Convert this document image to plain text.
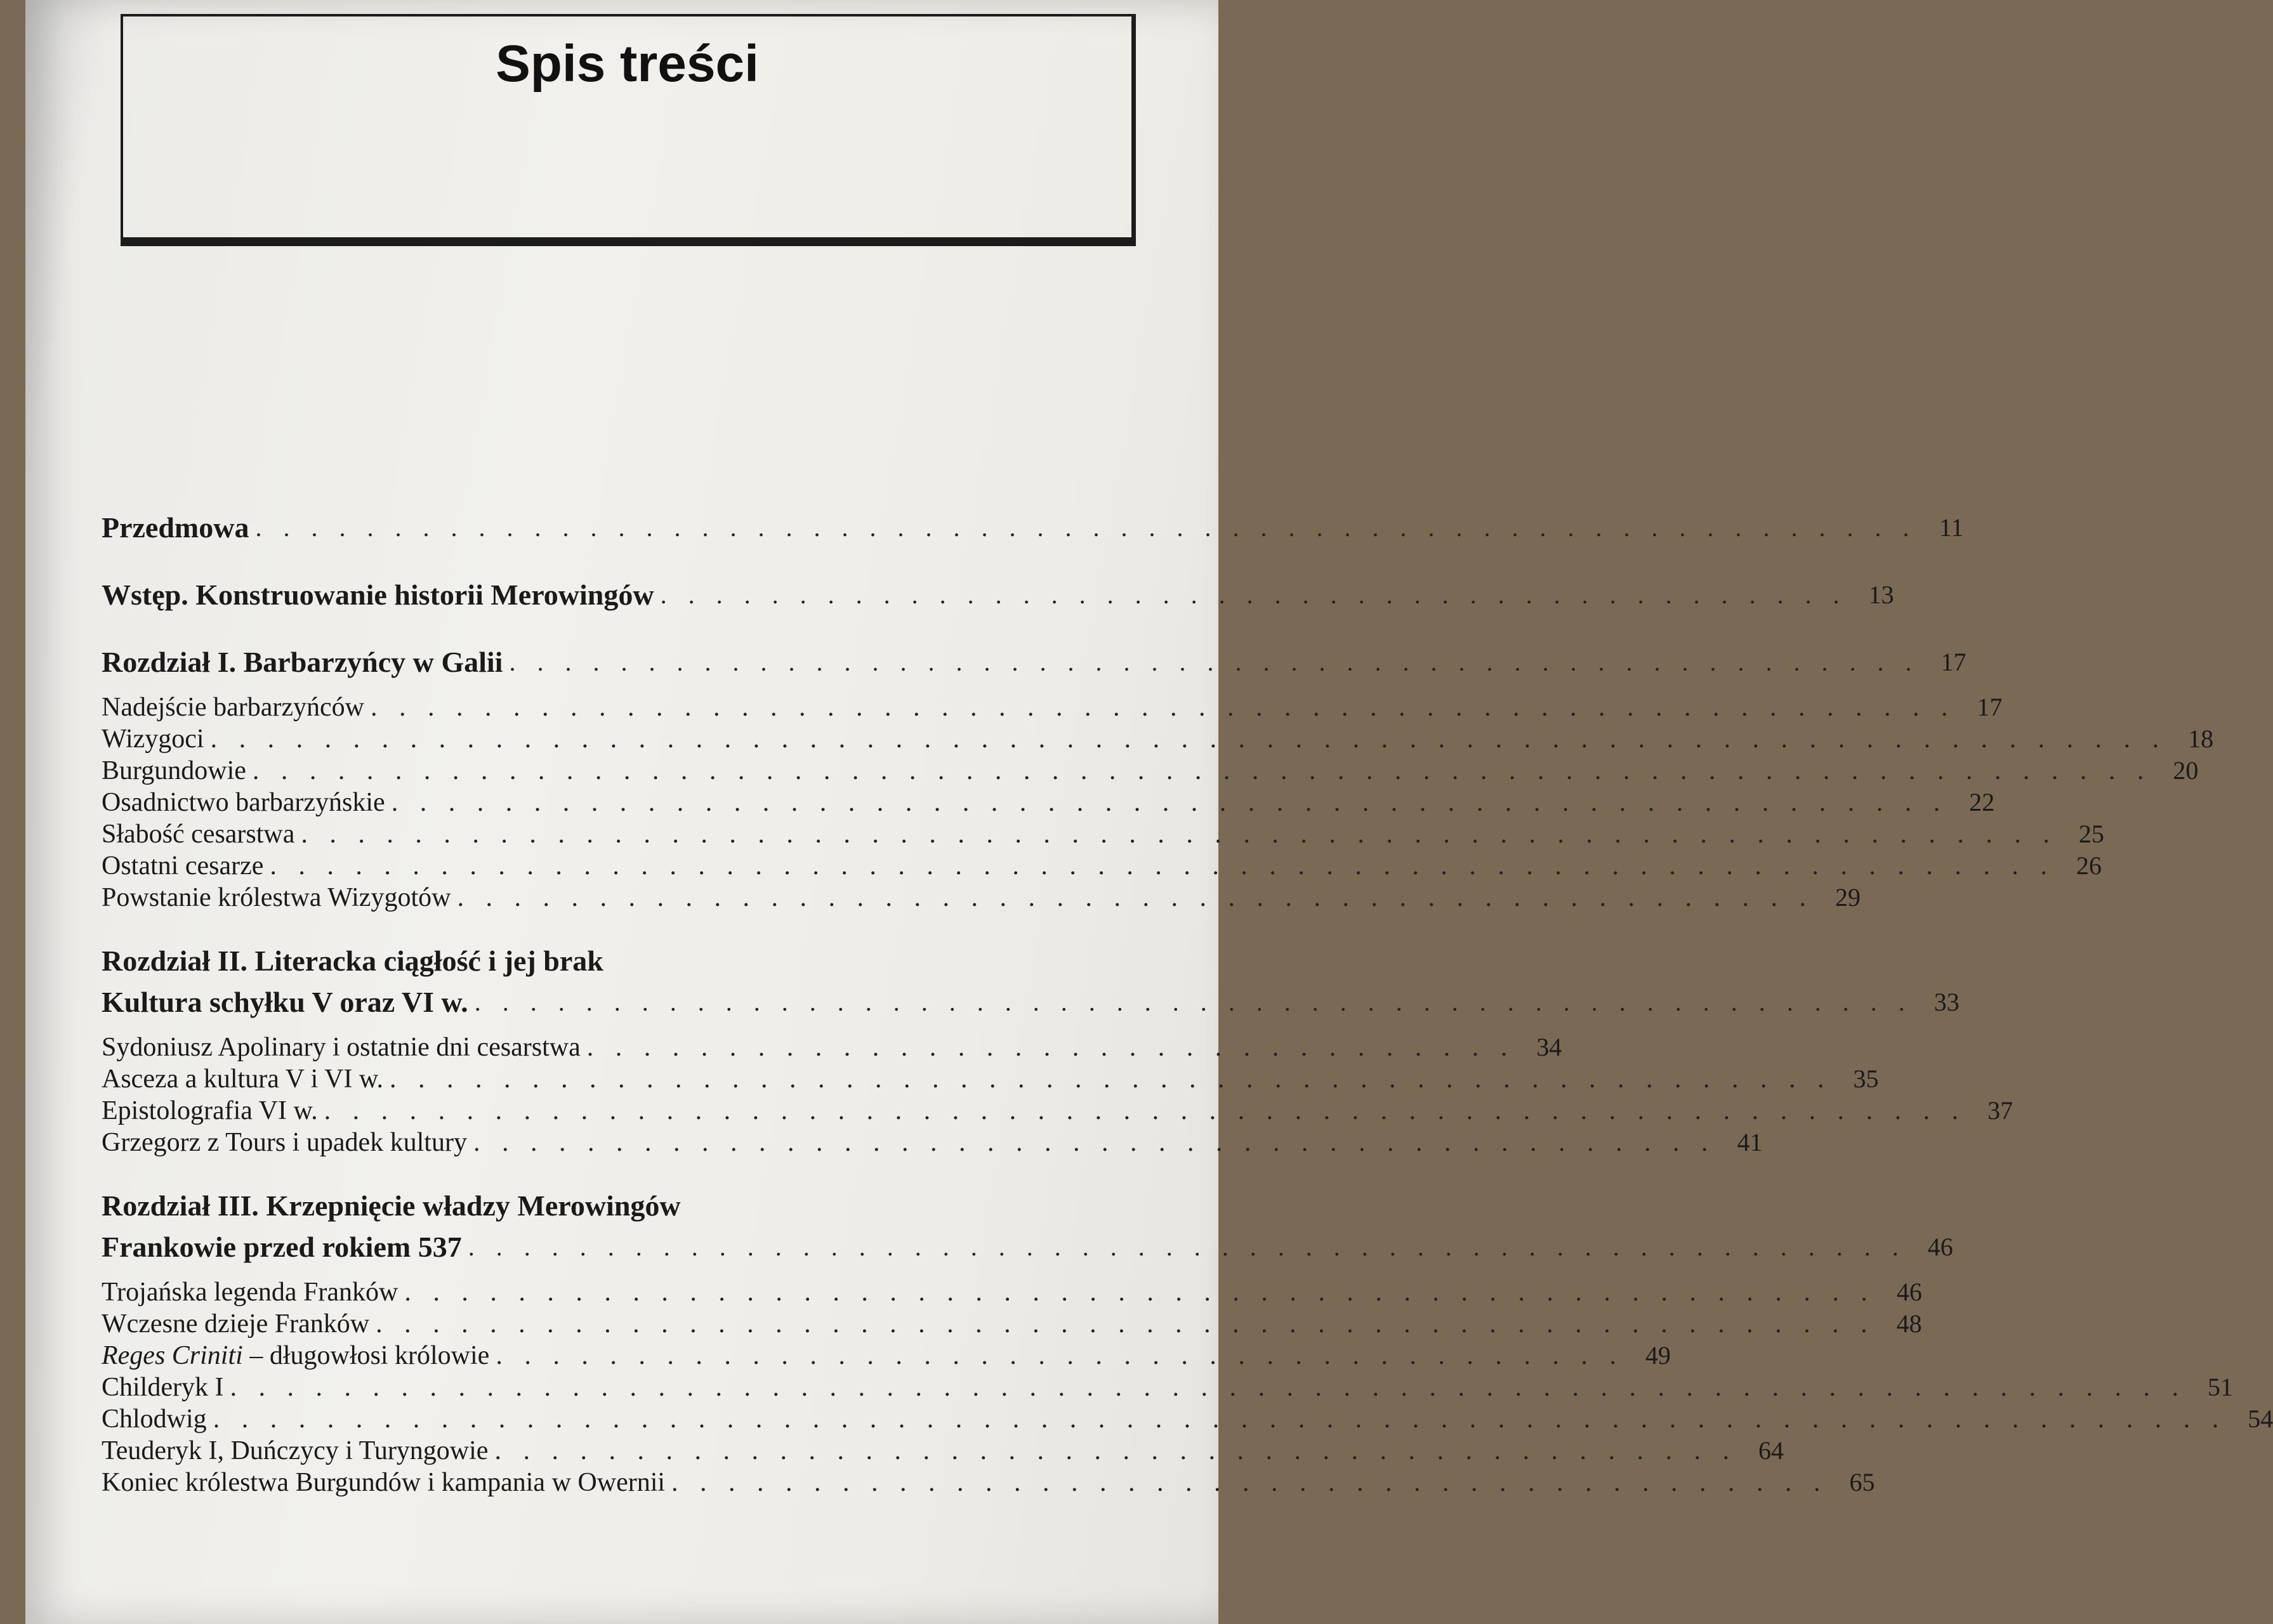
Spis treści
Przedmowa . . . . . . . . . . . . . . . . . . . . . . . . . . . . . . . . . . . . . . . . . . . . . . . . . . . . . . . . . . . . 11
Wstęp. Konstruowanie historii Merowingów . . . . . . . . . . . . . . . . . . . . . . . . . . . . . . . . . . . . . . . . . . . 13
Rozdział I. Barbarzyńcy w Galii . . . . . . . . . . . . . . . . . . . . . . . . . . . . . . . . . . . . . . . . . . . . . . . . . . . 17
Nadejście barbarzyńców . . . . . . . . . . . . . . . . . . . . . . . . . . . . . . . . . . . . . . . . . . . . . . . . . . . . . . . . 17
Wizygoci . . . . . . . . . . . . . . . . . . . . . . . . . . . . . . . . . . . . . . . . . . . . . . . . . . . . . . . . . . . . . . . . . . . . . 18
Burgundowie . . . . . . . . . . . . . . . . . . . . . . . . . . . . . . . . . . . . . . . . . . . . . . . . . . . . . . . . . . . . . . . . . . . 20
Osadnictwo barbarzyńskie . . . . . . . . . . . . . . . . . . . . . . . . . . . . . . . . . . . . . . . . . . . . . . . . . . . . . . . 22
Słabość cesarstwa . . . . . . . . . . . . . . . . . . . . . . . . . . . . . . . . . . . . . . . . . . . . . . . . . . . . . . . . . . . . . . 25
Ostatni cesarze . . . . . . . . . . . . . . . . . . . . . . . . . . . . . . . . . . . . . . . . . . . . . . . . . . . . . . . . . . . . . . . 26
Powstanie królestwa Wizygotów . . . . . . . . . . . . . . . . . . . . . . . . . . . . . . . . . . . . . . . . . . . . . . . . 29
Rozdział II. Literacka ciągłość i jej brak
Kultura schyłku V oraz VI w. . . . . . . . . . . . . . . . . . . . . . . . . . . . . . . . . . . . . . . . . . . . . . . . . . . . . 33
Sydoniusz Apolinary i ostatnie dni cesarstwa . . . . . . . . . . . . . . . . . . . . . . . . . . . . . . . . . 34
Asceza a kultura V i VI w. . . . . . . . . . . . . . . . . . . . . . . . . . . . . . . . . . . . . . . . . . . . . . . . . . . . 35
Epistolografia VI w. . . . . . . . . . . . . . . . . . . . . . . . . . . . . . . . . . . . . . . . . . . . . . . . . . . . . . . . . . . 37
Grzegorz z Tours i upadek kultury . . . . . . . . . . . . . . . . . . . . . . . . . . . . . . . . . . . . . . . . . . . . 41
Rozdział III. Krzepnięcie władzy Merowingów
Frankowie przed rokiem 537 . . . . . . . . . . . . . . . . . . . . . . . . . . . . . . . . . . . . . . . . . . . . . . . . . . . . 46
Trojańska legenda Franków . . . . . . . . . . . . . . . . . . . . . . . . . . . . . . . . . . . . . . . . . . . . . . . . . . . . 46
Wczesne dzieje Franków . . . . . . . . . . . . . . . . . . . . . . . . . . . . . . . . . . . . . . . . . . . . . . . . . . . . . 48
Reges Criniti – długowłosi królowie . . . . . . . . . . . . . . . . . . . . . . . . . . . . . . . . . . . . . . . . 49
Childeryk I . . . . . . . . . . . . . . . . . . . . . . . . . . . . . . . . . . . . . . . . . . . . . . . . . . . . . . . . . . . . . . . . . . . . . 51
Chlodwig . . . . . . . . . . . . . . . . . . . . . . . . . . . . . . . . . . . . . . . . . . . . . . . . . . . . . . . . . . . . . . . . . . . . . . . 54
Teuderyk I, Duńczycy i Turyngowie . . . . . . . . . . . . . . . . . . . . . . . . . . . . . . . . . . . . . . . . . . . . 64
Koniec królestwa Burgundów i kampania w Owernii . . . . . . . . . . . . . . . . . . . . . . . . . . . . . . . . . . . . . . . . . 65
